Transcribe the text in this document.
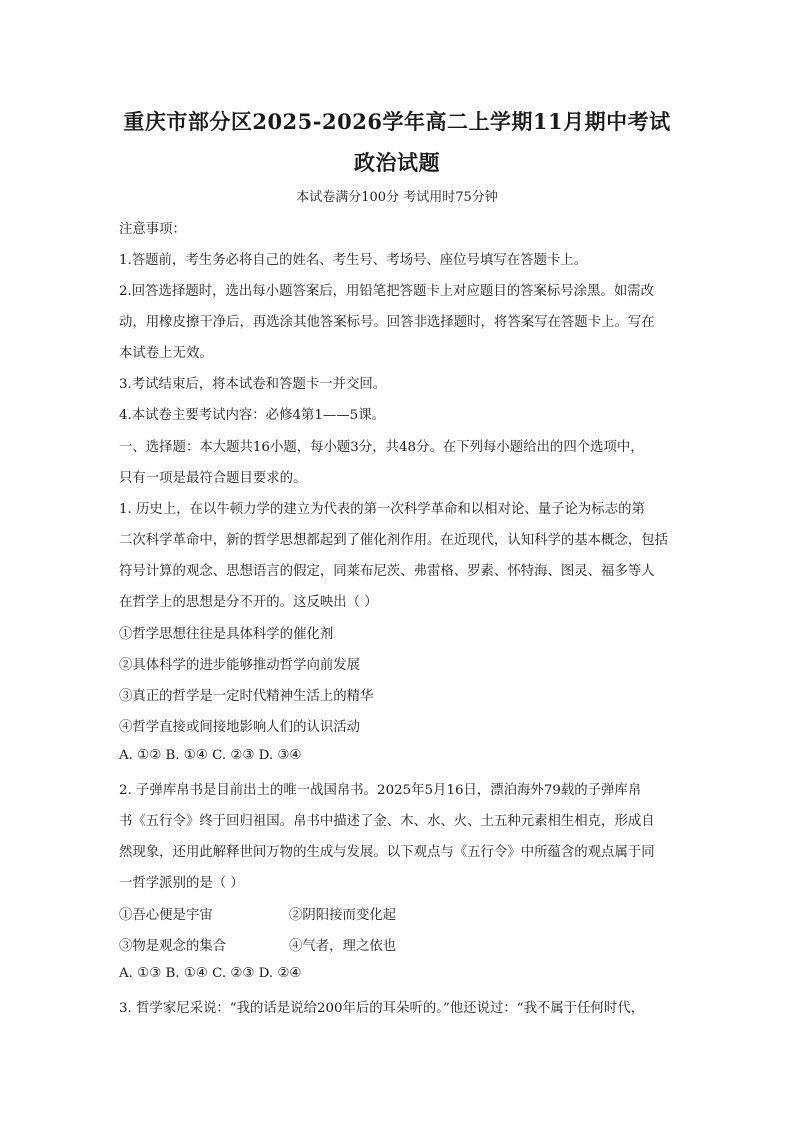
重庆市部分区2025-2026学年高二上学期11月期中考试
政治试题
本试卷满分100分 考试用时75分钟
注意事项：
1.答题前，考生务必将自己的姓名、考生号、考场号、座位号填写在答题卡上。
2.回答选择题时，选出每小题答案后，用铅笔把答题卡上对应题目的答案标号涂黑。如需改
动，用橡皮擦干净后，再选涂其他答案标号。回答非选择题时，将答案写在答题卡上。写在
本试卷上无效。
3.考试结束后，将本试卷和答题卡一并交回。
4.本试卷主要考试内容：必修4第1——5课。
一、选择题：本大题共16小题，每小题3分，共48分。在下列每小题给出的四个选项中，
只有一项是最符合题目要求的。
1. 历史上，在以牛顿力学的建立为代表的第一次科学革命和以相对论、量子论为标志的第
二次科学革命中，新的哲学思想都起到了催化剂作用。在近现代，认知科学的基本概念，包括
符号计算的观念、思想语言的假定，同莱布尼茨、弗雷格、罗素、怀特海、图灵、福多等人
在哲学上的思想是分不开的。这反映出（ ）
①哲学思想往往是具体科学的催化剂
②具体科学的进步能够推动哲学向前发展
③真正的哲学是一定时代精神生活上的精华
④哲学直接或间接地影响人们的认识活动
A. ①② B. ①④ C. ②③ D. ③④
2. 子弹库帛书是目前出土的唯一战国帛书。2025年5月16日，漂泊海外79载的子弹库帛
书《五行令》终于回归祖国。帛书中描述了金、木、水、火、土五种元素相生相克，形成自
然现象，还用此解释世间万物的生成与发展。以下观点与《五行令》中所蕴含的观点属于同
一哲学派别的是（ ）
①吾心便是宇宙	②阴阳接而变化起
③物是观念的集合	④气者，理之依也
A. ①③ B. ①④ C. ②③ D. ②④
3. 哲学家尼采说：“我的话是说给200年后的耳朵听的。”他还说过：“我不属于任何时代，
